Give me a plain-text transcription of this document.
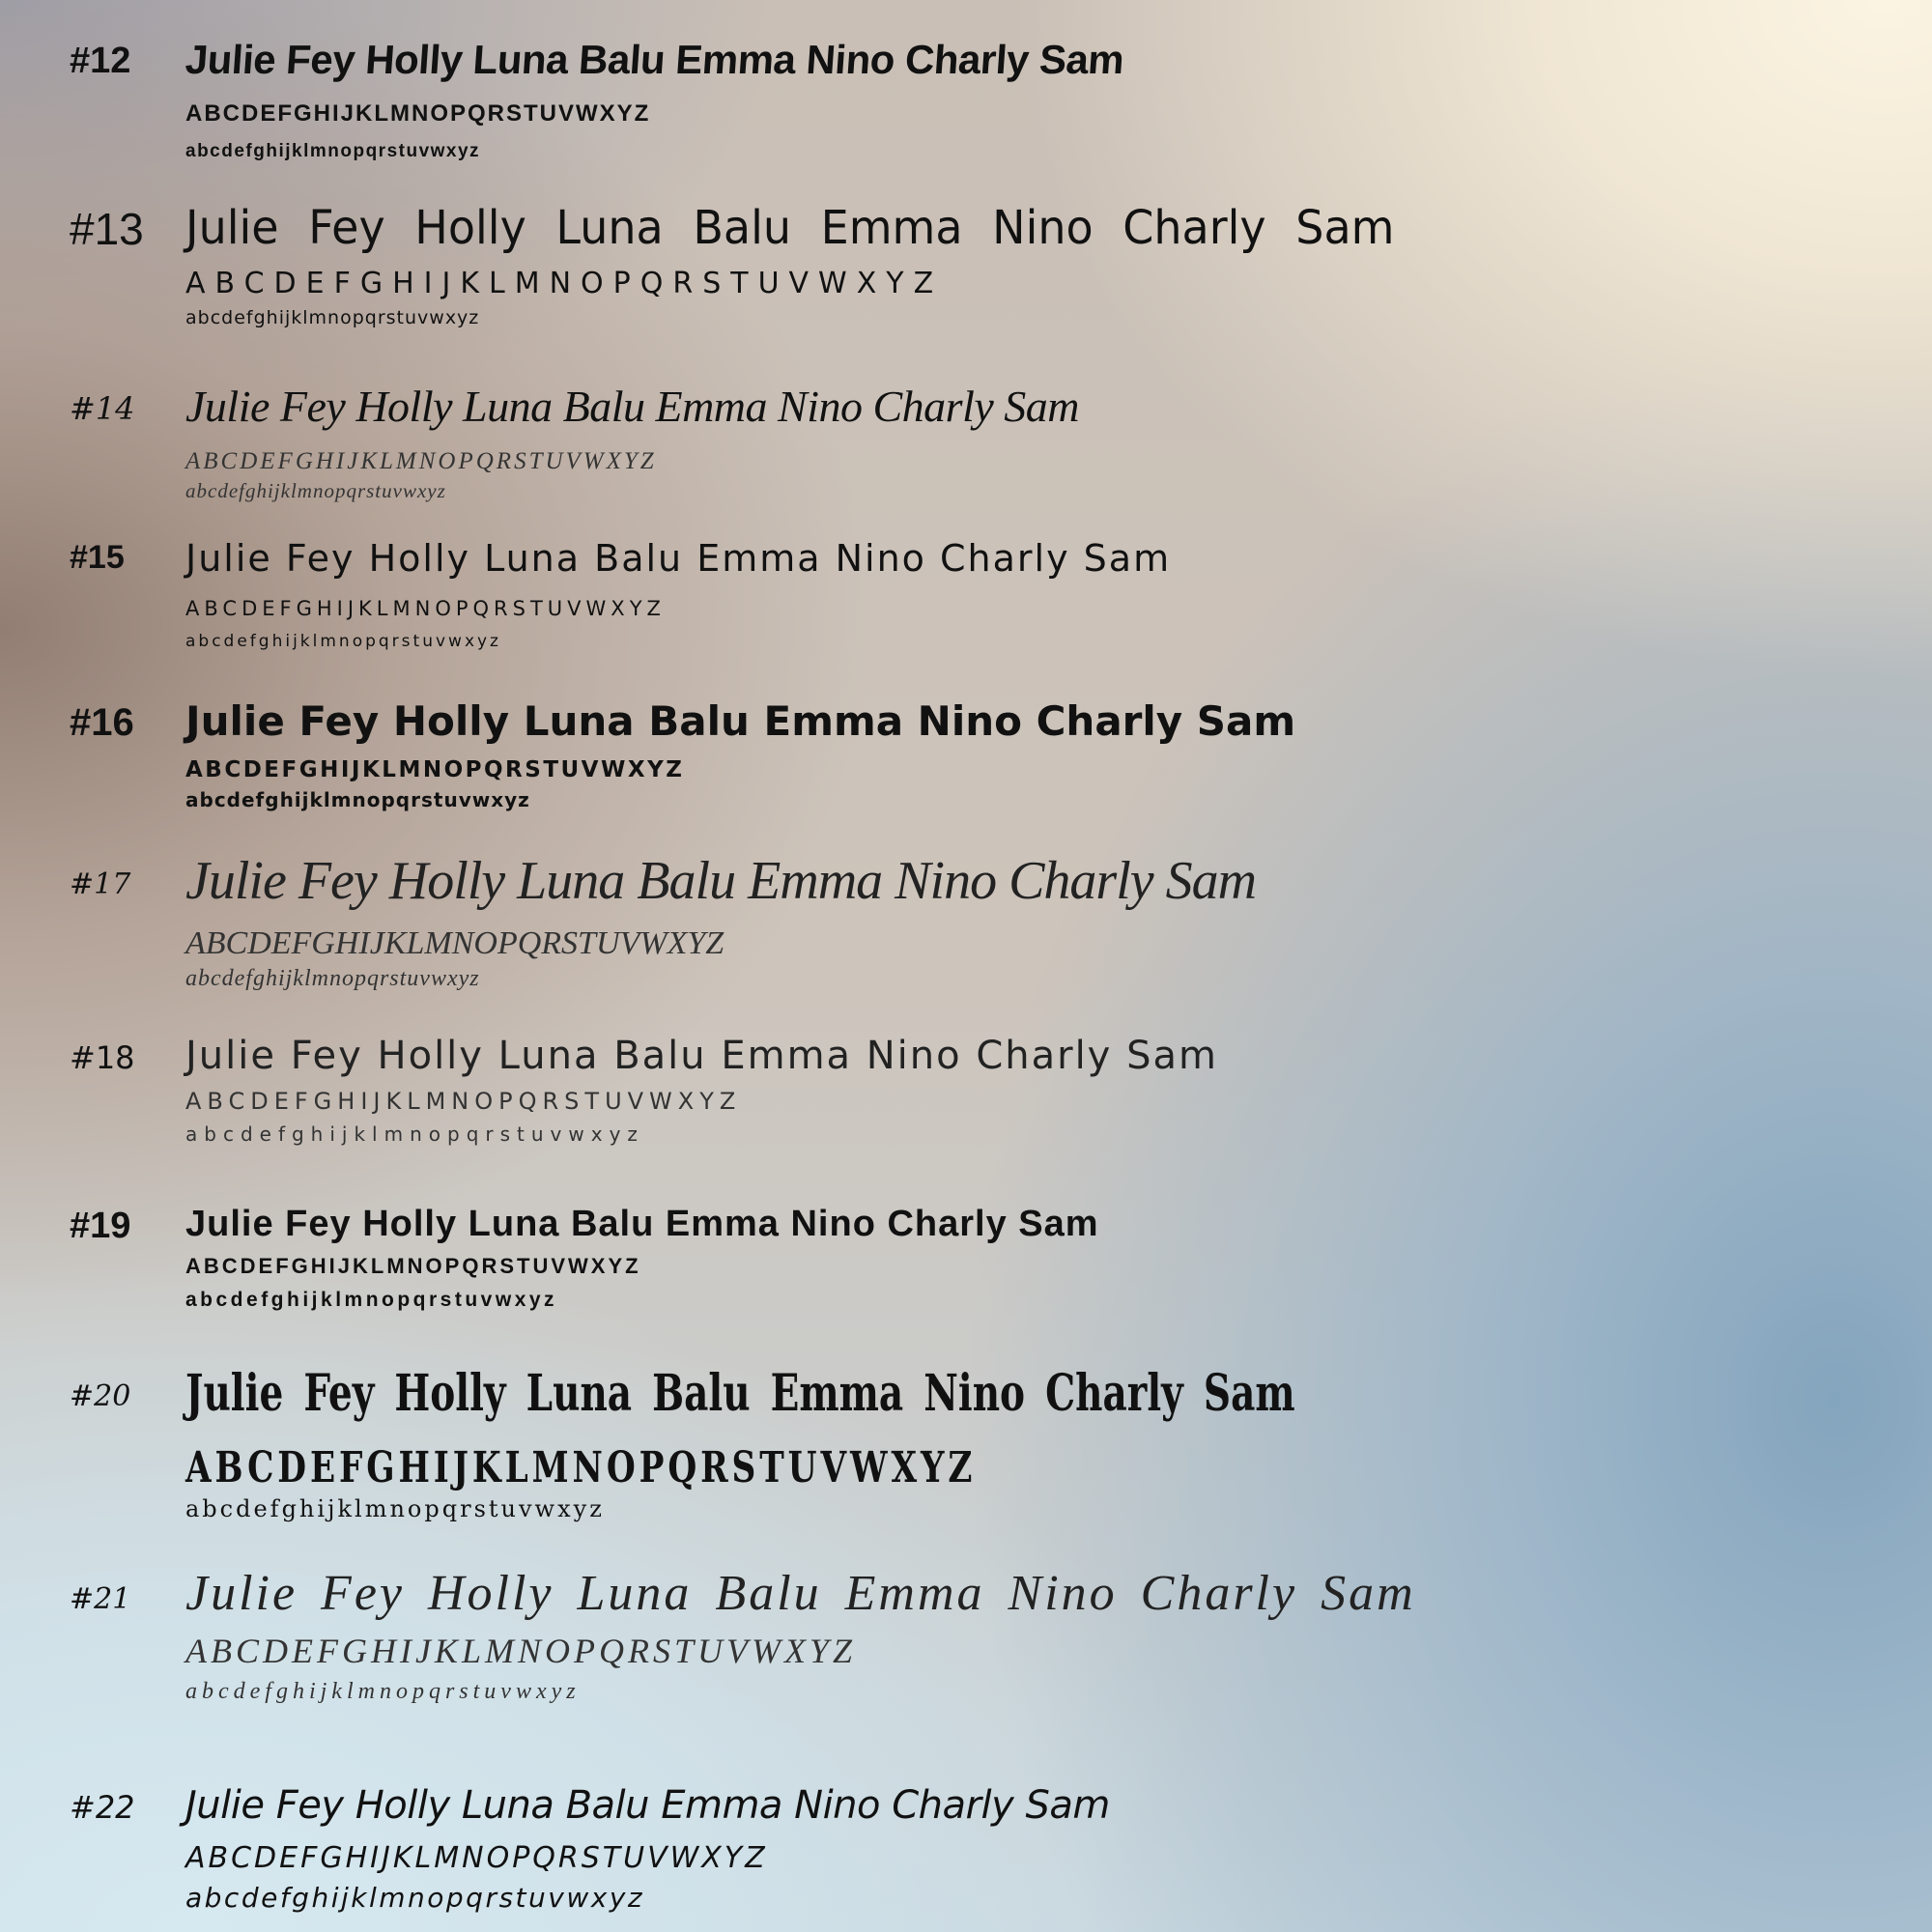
#12 Julie Fey Holly Luna Balu Emma Nino Charly Sam
ABCDEFGHIJKLMNOPQRSTUVWXYZ
abcdefghijklmnopqrstuvwxyz
#13 Julie Fey Holly Luna Balu Emma Nino Charly Sam
ABCDEFGHIJKLMNOPQRSTUVWXYZ
abcdefghijklmnopqrstuvwxyz
#14 Julie Fey Holly Luna Balu Emma Nino Charly Sam
ABCDEFGHIJKLMNOPQRSTUVWXYZ
abcdefghijklmnopqrstuvwxyz
#15 Julie Fey Holly Luna Balu Emma Nino Charly Sam
ABCDEFGHIJKLMNOPQRSTUVWXYZ
abcdefghijklmnopqrstuvwxyz
#16 Julie Fey Holly Luna Balu Emma Nino Charly Sam
ABCDEFGHIJKLMNOPQRSTUVWXYZ
abcdefghijklmnopqrstuvwxyz
#17 Julie Fey Holly Luna Balu Emma Nino Charly Sam
ABCDEFGHIJKLMNOPQRSTUVWXYZ
abcdefghijklmnopqrstuvwxyz
#18 Julie Fey Holly Luna Balu Emma Nino Charly Sam
ABCDEFGHIJKLMNOPQRSTUVWXYZ
abcdefghijklmnopqrstuvwxyz
#19 Julie Fey Holly Luna Balu Emma Nino Charly Sam
ABCDEFGHIJKLMNOPQRSTUVWXYZ
abcdefghijklmnopqrstuvwxyz
#20 Julie Fey Holly Luna Balu Emma Nino Charly Sam
ABCDEFGHIJKLMNOPQRSTUVWXYZ
abcdefghijklmnopqrstuvwxyz
#21 Julie Fey Holly Luna Balu Emma Nino Charly Sam
ABCDEFGHIJKLMNOPQRSTUVWXYZ
abcdefghijklmnopqrstuvwxyz
#22 Julie Fey Holly Luna Balu Emma Nino Charly Sam
ABCDEFGHIJKLMNOPQRSTUVWXYZ
abcdefghijklmnopqrstuvwxyz
